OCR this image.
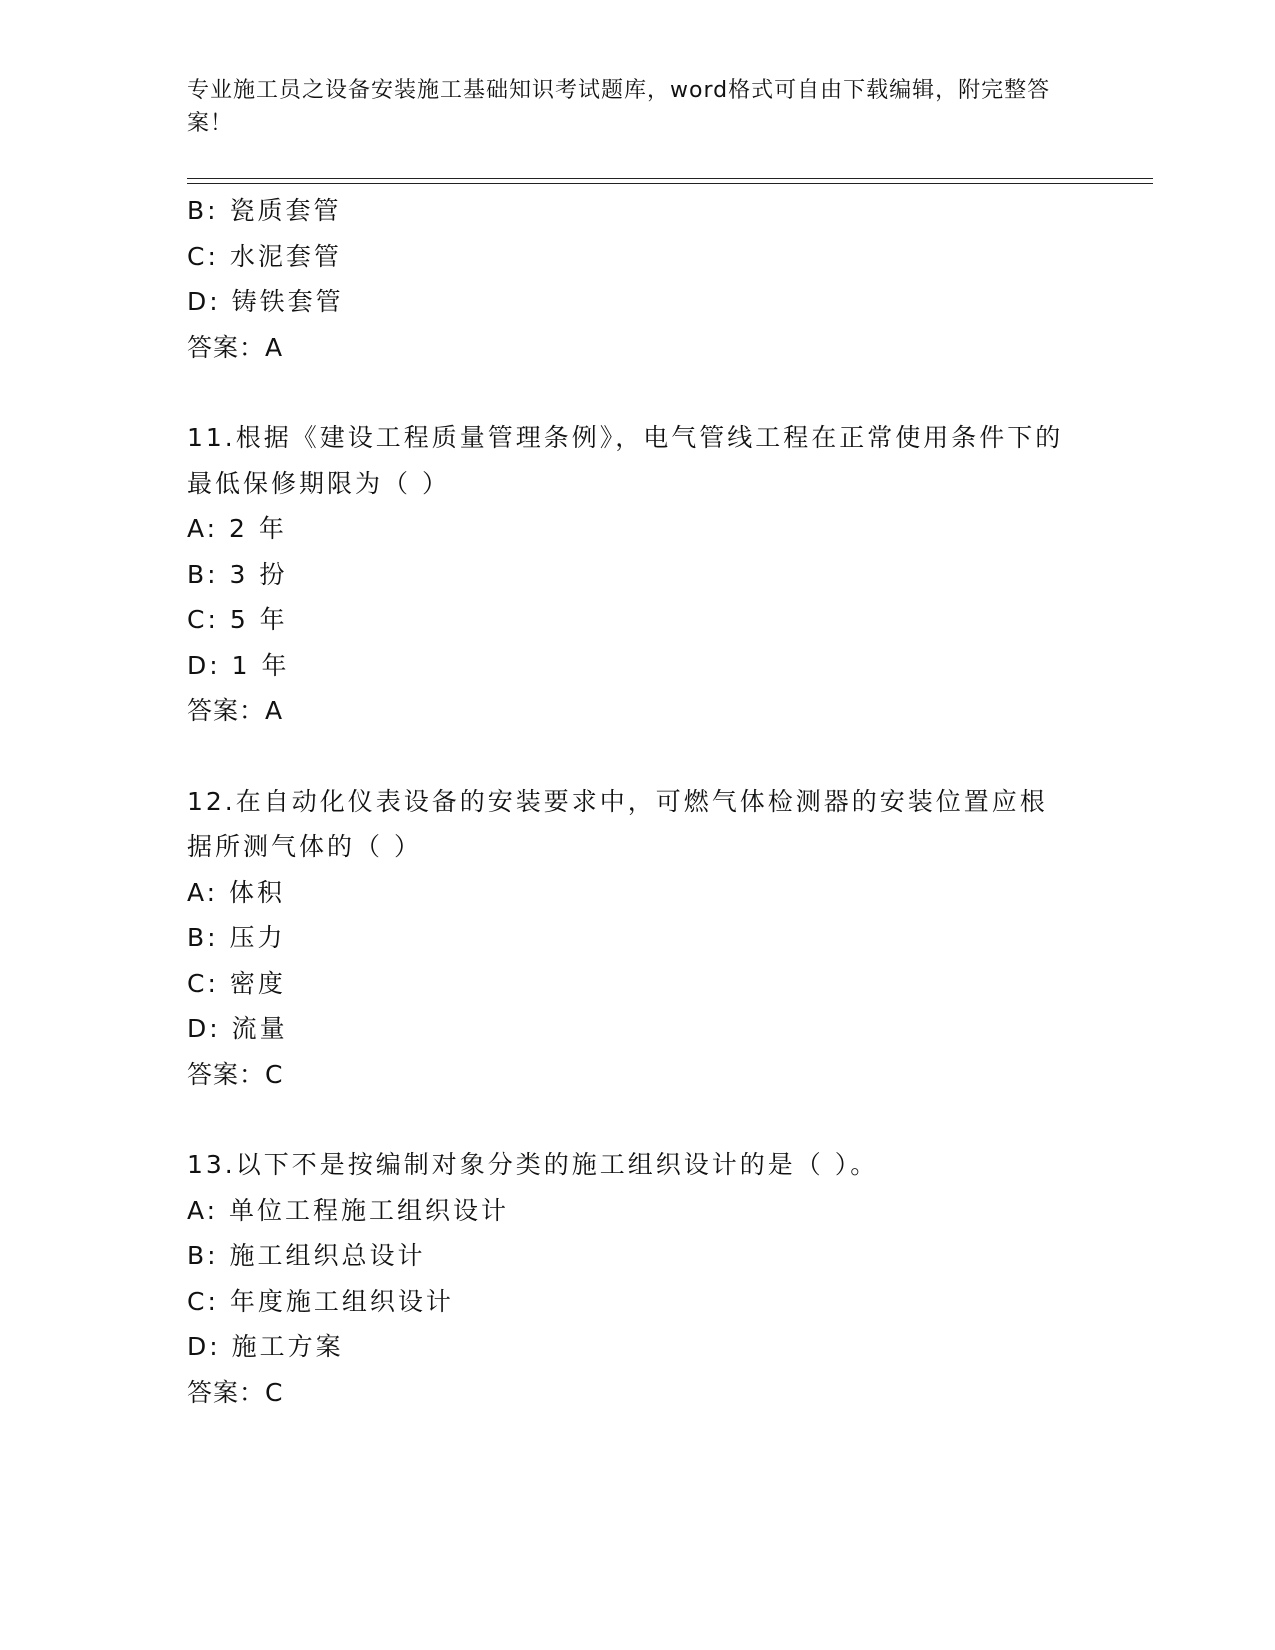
专业施工员之设备安装施工基础知识考试题库，word格式可自由下载编辑，附完整答案！
B: 瓷质套管
C: 水泥套管
D: 铸铁套管
答案：A
11.根据《建设工程质量管理条例》，电气管线工程在正常使用条件下的最低保修期限为（ ）
A: 2 年
B: 3 扮
C: 5 年
D: 1 年
答案：A
12.在自动化仪表设备的安装要求中，可燃气体检测器的安装位置应根据所测气体的（ ）
A: 体积
B: 压力
C: 密度
D: 流量
答案：C
13.以下不是按编制对象分类的施工组织设计的是（ ）。
A: 单位工程施工组织设计
B: 施工组织总设计
C: 年度施工组织设计
D: 施工方案
答案：C
